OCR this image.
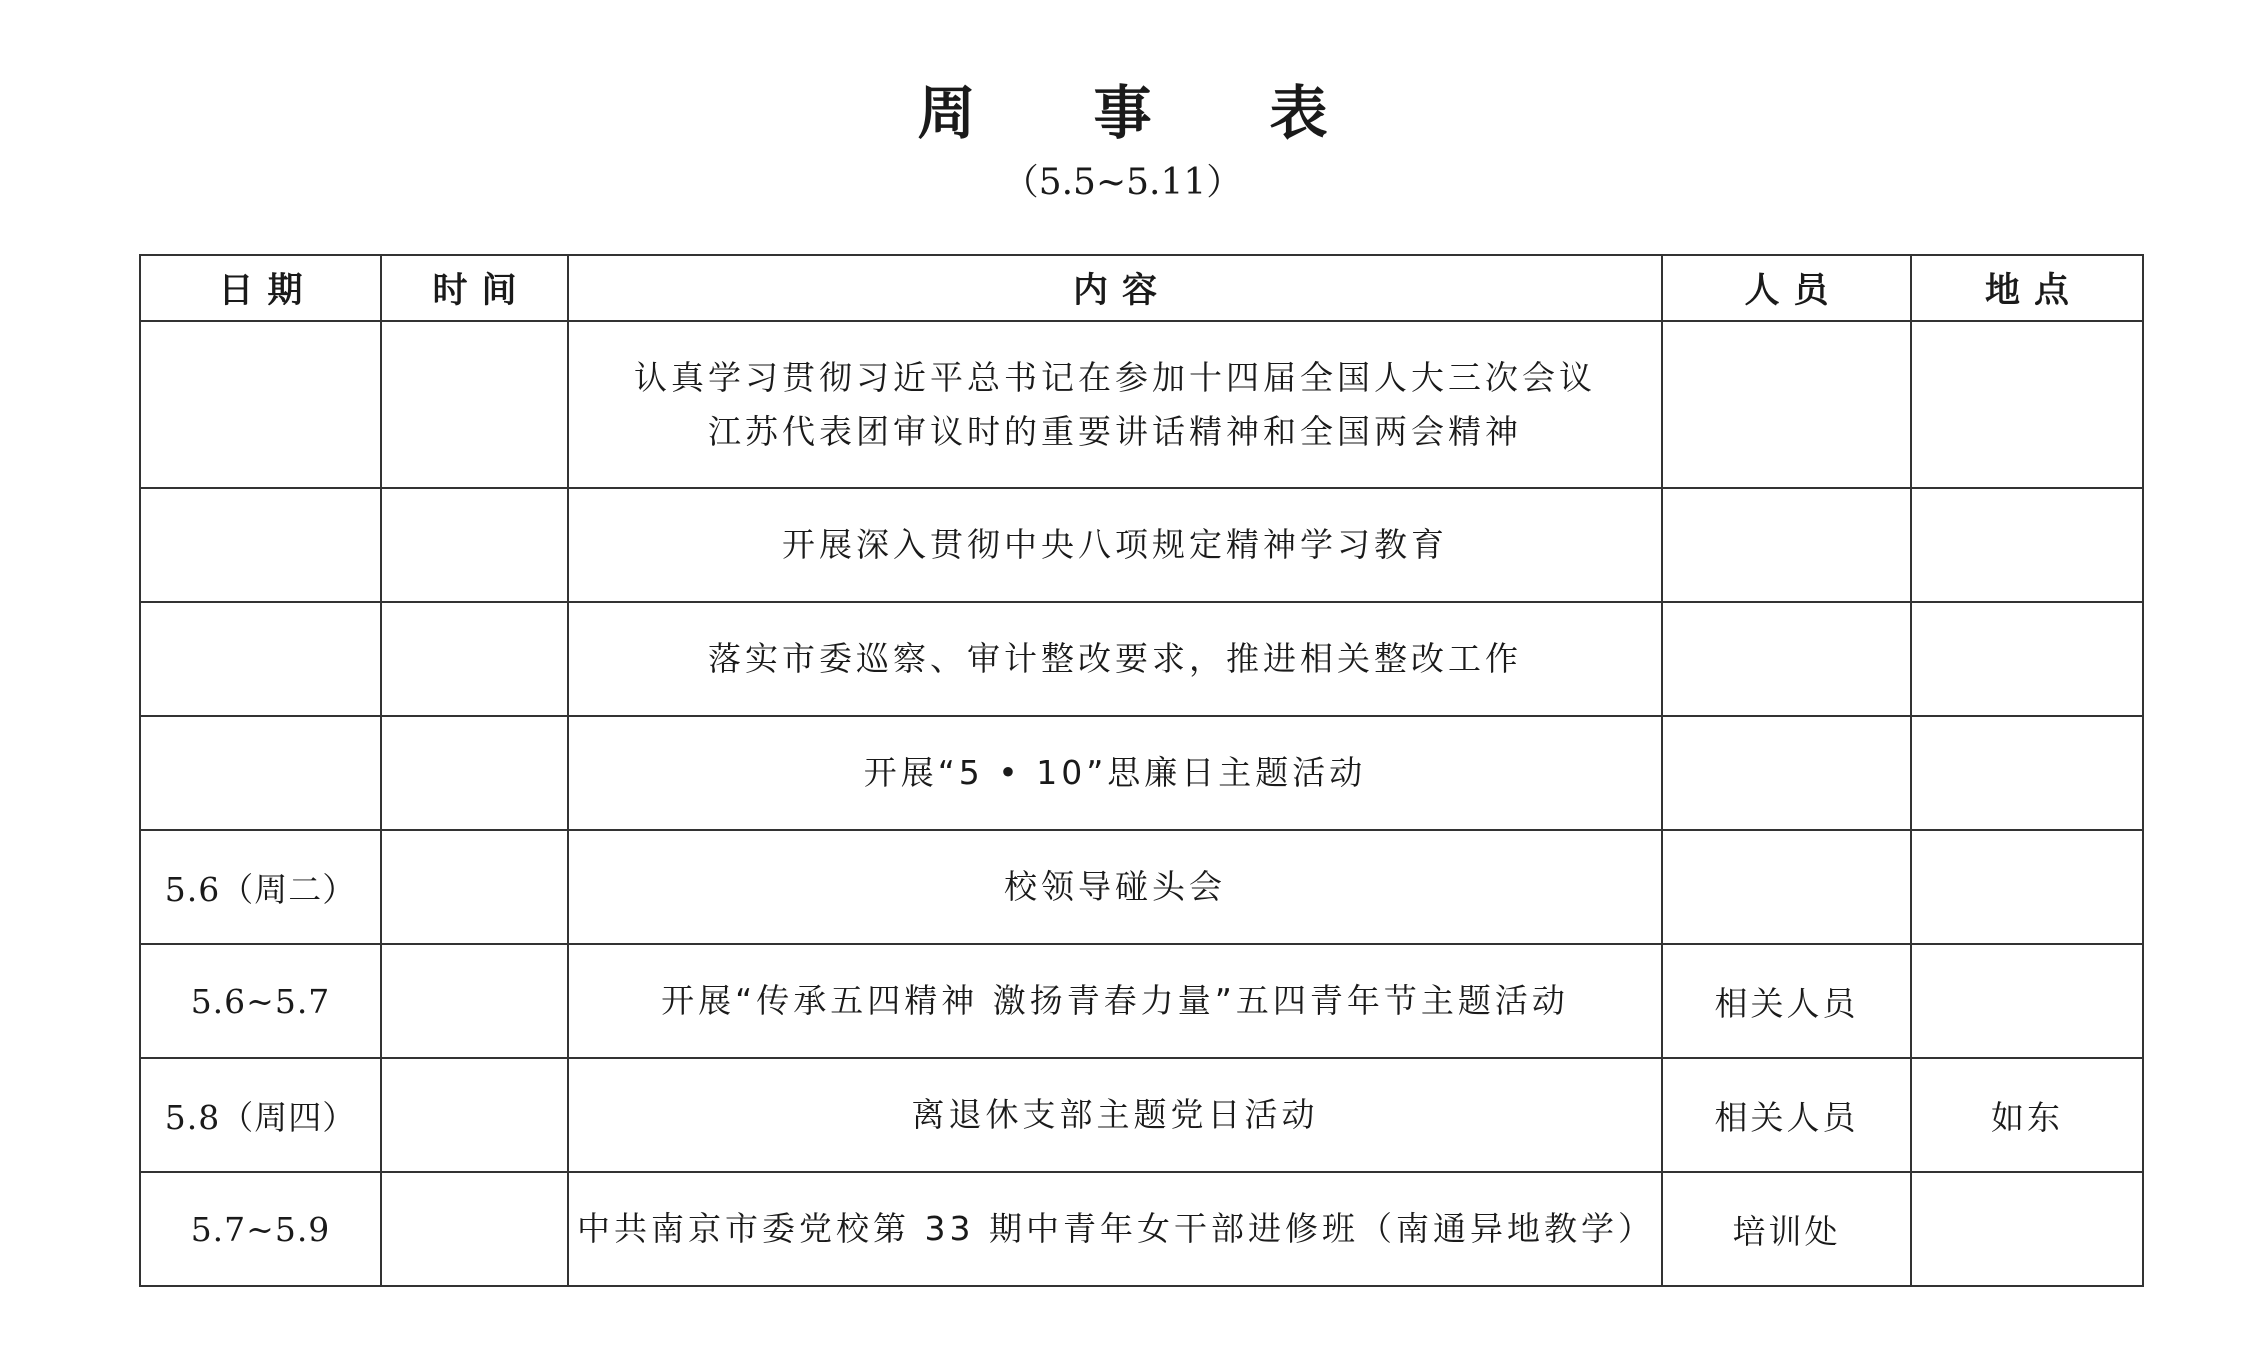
周事表
（5.5~5.11）
日期	时间	内容	人员	地点

		认真学习贯彻习近平总书记在参加十四届全国人大三次会议
江苏代表团审议时的重要讲话精神和全国两会精神		

		开展深入贯彻中央八项规定精神学习教育		
		落实市委巡察、审计整改要求，推进相关整改工作		
		开展“5 • 10”思廉日主题活动		
5.6（周二）		校领导碰头会		
5.6~5.7		开展“传承五四精神 激扬青春力量”五四青年节主题活动	相关人员	
5.8（周四）		离退休支部主题党日活动	相关人员	如东
5.7~5.9		中共南京市委党校第 33 期中青年女干部进修班（南通异地教学）	培训处	
